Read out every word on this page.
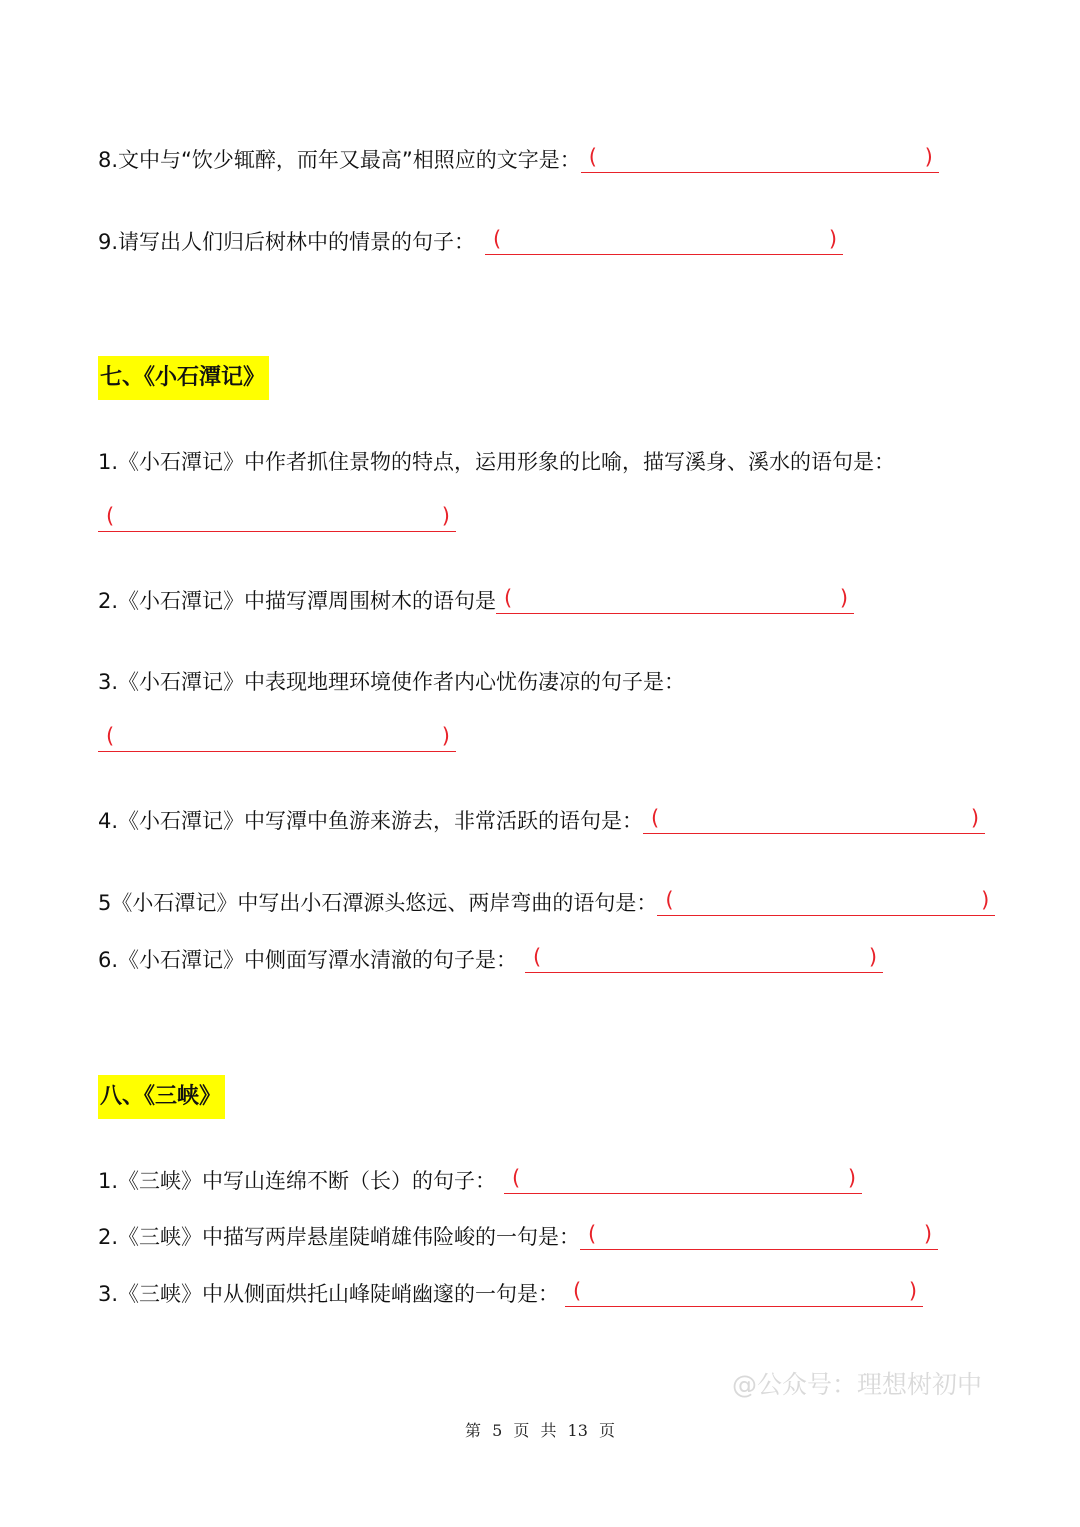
8.文中与“饮少辄醉，而年又最高”相照应的文字是： (	)
9.请写出人们归后树林中的情景的句子： (	)
七、《小石潭记》
1.《小石潭记》中作者抓住景物的特点，运用形象的比喻，描写溪身、溪水的语句是：
(	)
2.《小石潭记》中描写潭周围树木的语句是 (	)
3.《小石潭记》中表现地理环境使作者内心忧伤凄凉的句子是：
(	)
4.《小石潭记》中写潭中鱼游来游去，非常活跃的语句是： (	)
5《小石潭记》中写出小石潭源头悠远、两岸弯曲的语句是： (	)
6.《小石潭记》中侧面写潭水清澈的句子是： (	)
八、《三峡》
1.《三峡》中写山连绵不断（长）的句子： (	)
2.《三峡》中描写两岸悬崖陡峭雄伟险峻的一句是： (	)
3.《三峡》中从侧面烘托山峰陡峭幽邃的一句是： (	)
@公众号：理想树初中
第 5 页 共 13 页
